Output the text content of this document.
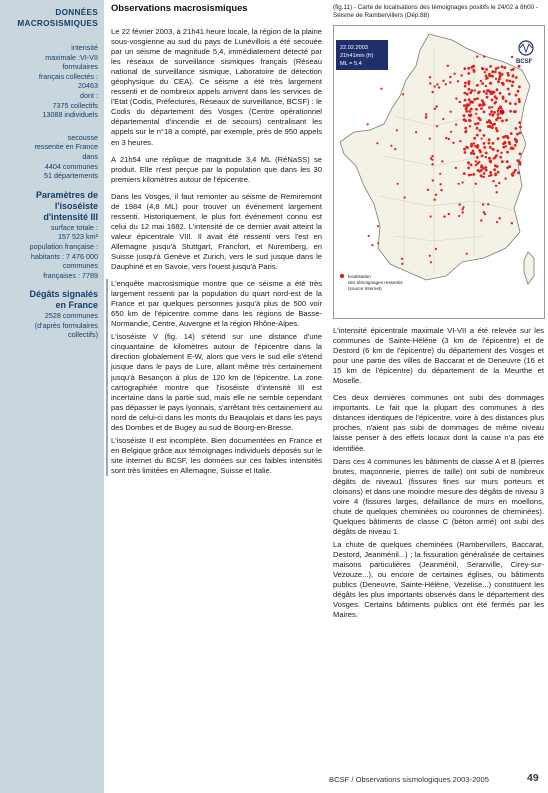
DONNÉES
MACROSISMIQUES
intensité
maximale :VI-VII
formulaires
français collectés :
20463
dont :
7375 collectifs
13088 individuels
secousse
ressentie en France
dans
4404 communes
51 départements
Paramètres de
l'isoséiste
d'intensité III
surface totale :
157 523 km²
population française :
habitants : 7 476 000
communes
françaises : 7789
Dégâts signalés
en France
2528 communes
(d'après formulaires
collectifs)
Observations macrosismiques

Le 22 février 2003, à 21h41 heure locale, la région de la plaine sous-vosgienne au sud du pays de Lunévillois a été secouée par un séisme de magnitude 5,4, immédiatement détecté par les réseaux de surveillance sismiques français (Réseau national de surveillance sismique, Laboratoire de détection géophysique du CEA). Ce séisme a été très largement ressenti et de nombreux appels arrivent dans les services de l'Etat (Codis, Préfectures, Réseaux de surveillance, BCSF) : le Codis du département des Vosges (Centre opérationnel départemental d'incendie et de secours) centralisant les appels sur le n°18 a compté, par exemple, près de 950 appels en 3 heures.

A 21h54 une réplique de magnitude 3,4 ML (RéNaSS) se produit. Elle n'est perçue par la population que dans les 30 premiers kilomètres autour de l'épicentre.

Dans les Vosges, il faut remonter au séisme de Remiremont de 1984 (4,8 ML) pour trouver un événement largement ressenti. Historiquement, le plus fort événement connu est celui du 12 mai 1682. L'intensité de ce dernier avait atteint la valeur épicentrale VIII. Il avait été ressenti vers l'est en Allemagne jusqu'à Stuttgart, Francfort, et Nuremberg, en Suisse jusqu'à Genève et Zurich, vers le sud jusque dans le Dauphiné et en Savoie, vers l'ouest jusqu'à Paris.

L'enquête macrosismique montre que ce séisme a été très largement ressenti par la population du quart nord-est de la France et par quelques personnes jusqu'à plus de 500 voir 650 km de l'épicentre comme dans les régions de Basse-Normandie, Centre, Auvergne et la région Rhône-Alpes.

L'isoséiste V (fig. 14) s'étend sur une distance d'une cinquantaine de kilomètres autour de l'épicentre dans la direction globalement E-W, alors que vers le sud elle s'étend jusque dans le pays de Lure, allant même très certainement jusqu'à Besançon à plus de 120 km de l'épicentre. La zone cartographiée montre que l'isoséiste d'intensité III est incertaine dans la partie sud, mais elle ne semble cependant pas dépasser le pays lyonnais, s'arrêtant très certainement au nord de celui-ci dans les monts du Beaujolais et dans les pays des Dombes et de Bugey au sud de Bourg-en-Bresse.

L'isoséiste II est incomplète. Bien documentées en France et en Belgique grâce aux témoignages individuels déposés sur le site internet du BCSF, les données sur ces faibles intensités sont très limitées en Allemagne, Suisse et Italie.

(fig.11) - Carte de localisations des témoignages positifs le 24/02 à 8h00 - Séisme de Rambervillers (Dép.88)
22.02.2003
21h41min (fr)
ML = 5.4	BCSF
localisation
des témoignages ressentis
(source Internet)

L'intensité épicentrale maximale VI-VII a été relevée sur les communes de Sainte-Hélène (3 km de l'épicentre) et de Destord (6 km de l'épicentre) du département des Vosges et pour une partie des villes de Baccarat et de Deneuvre (16 et 15 km de l'épicentre) du département de la Meurthe et Moselle.

Ces deux dernières communes ont subi des dommages importants. Le fait que la plupart des communes à des distances identiques de l'épicentre, voire à des distances plus proches, n'aient pas subi de dommages de même niveau laisse penser à des effets locaux dont la cause n'a pas été identifiée.

Dans ces 4 communes les bâtiments de classe A et B (pierres brutes, maçonnerie, pierres de taille) ont subi de nombreux dégâts de niveau1 (fissures fines sur murs porteurs et cloisons) et dans une moindre mesure des dégâts de niveau 3 voire 4 (fissures larges, défaillance de murs en moellons, chute de quelques cheminées ou couronnes de cheminées). Quelques bâtiments de classe C (béton armé) ont subi des dégâts de niveau 1.

La chute de quelques cheminées (Rambervillers, Baccarat, Destord, Jeanménil...) ; la fissuration généralisée de certaines maisons particulières (Jeanménil, Seranville, Cirey-sur-Vezouze...), ou encore de certaines églises, ou bâtiments publics (Deneuvre, Sainte-Hélène, Vezelise...) constituent les dégâts les plus importants observés dans le département des Vosges. Certains bâtiments publics ont été fermés par les Maires.

BCSF / Observations sismologiques 2003-2005	49
